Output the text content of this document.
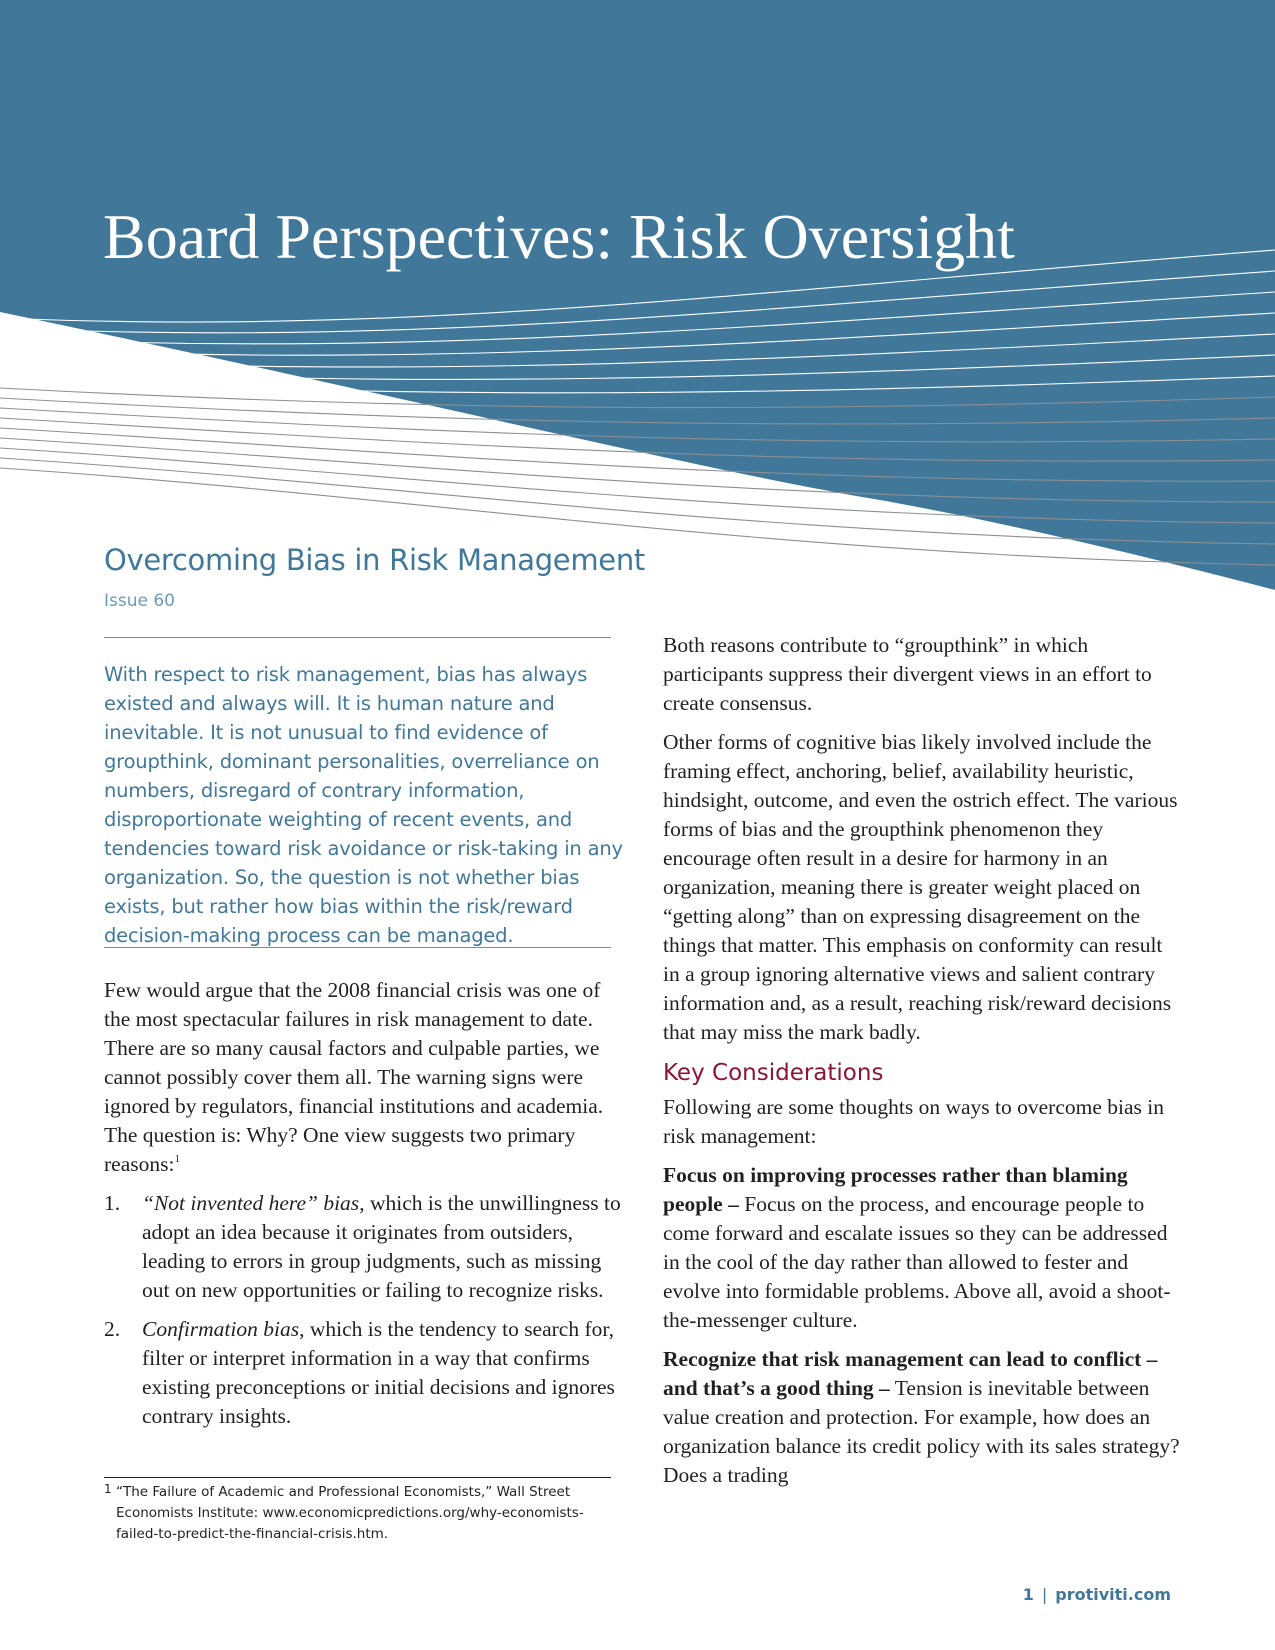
Board Perspectives: Risk Oversight
Overcoming Bias in Risk Management
Issue 60

With respect to risk management, bias has always existed and always will. It is human nature and inevitable. It is not unusual to find evidence of groupthink, dominant personalities, overreliance on numbers, disregard of contrary information, disproportionate weighting of recent events, and tendencies toward risk avoidance or risk-taking in any organization. So, the question is not whether bias exists, but rather how bias within the risk/reward decision-making process can be managed.

Few would argue that the 2008 financial crisis was one of the most spectacular failures in risk management to date. There are so many causal factors and culpable parties, we cannot possibly cover them all. The warning signs were ignored by regulators, financial institutions and academia. The question is: Why? One view suggests two primary reasons:$^1$

1. “Not invented here” bias, which is the unwillingness to adopt an idea because it originates from outsiders, leading to errors in group judgments, such as missing out on new opportunities or failing to recognize risks.
2. Confirmation bias, which is the tendency to search for, filter or interpret information in a way that confirms existing preconceptions or initial decisions and ignores contrary insights.
1 “The Failure of Academic and Professional Economists,” Wall Street Economists Institute: www.economicpredictions.org/why-economists-failed-to-predict-the-financial-crisis.htm.

Both reasons contribute to “groupthink” in which participants suppress their divergent views in an effort to create consensus.

Other forms of cognitive bias likely involved include the framing effect, anchoring, belief, availability heuristic, hindsight, outcome, and even the ostrich effect. The various forms of bias and the groupthink phenomenon they encourage often result in a desire for harmony in an organization, meaning there is greater weight placed on “getting along” than on expressing disagreement on the things that matter. This emphasis on conformity can result in a group ignoring alternative views and salient contrary information and, as a result, reaching risk/reward decisions that may miss the mark badly.

Key Considerations

Following are some thoughts on ways to overcome bias in risk management:

Focus on improving processes rather than blaming people – Focus on the process, and encourage people to come forward and escalate issues so they can be addressed in the cool of the day rather than allowed to fester and evolve into formidable problems. Above all, avoid a shoot-the-messenger culture.

Recognize that risk management can lead to conflict – and that’s a good thing – Tension is inevitable between value creation and protection. For example, how does an organization balance its credit policy with its sales strategy? Does a trading

1 | protiviti.com
